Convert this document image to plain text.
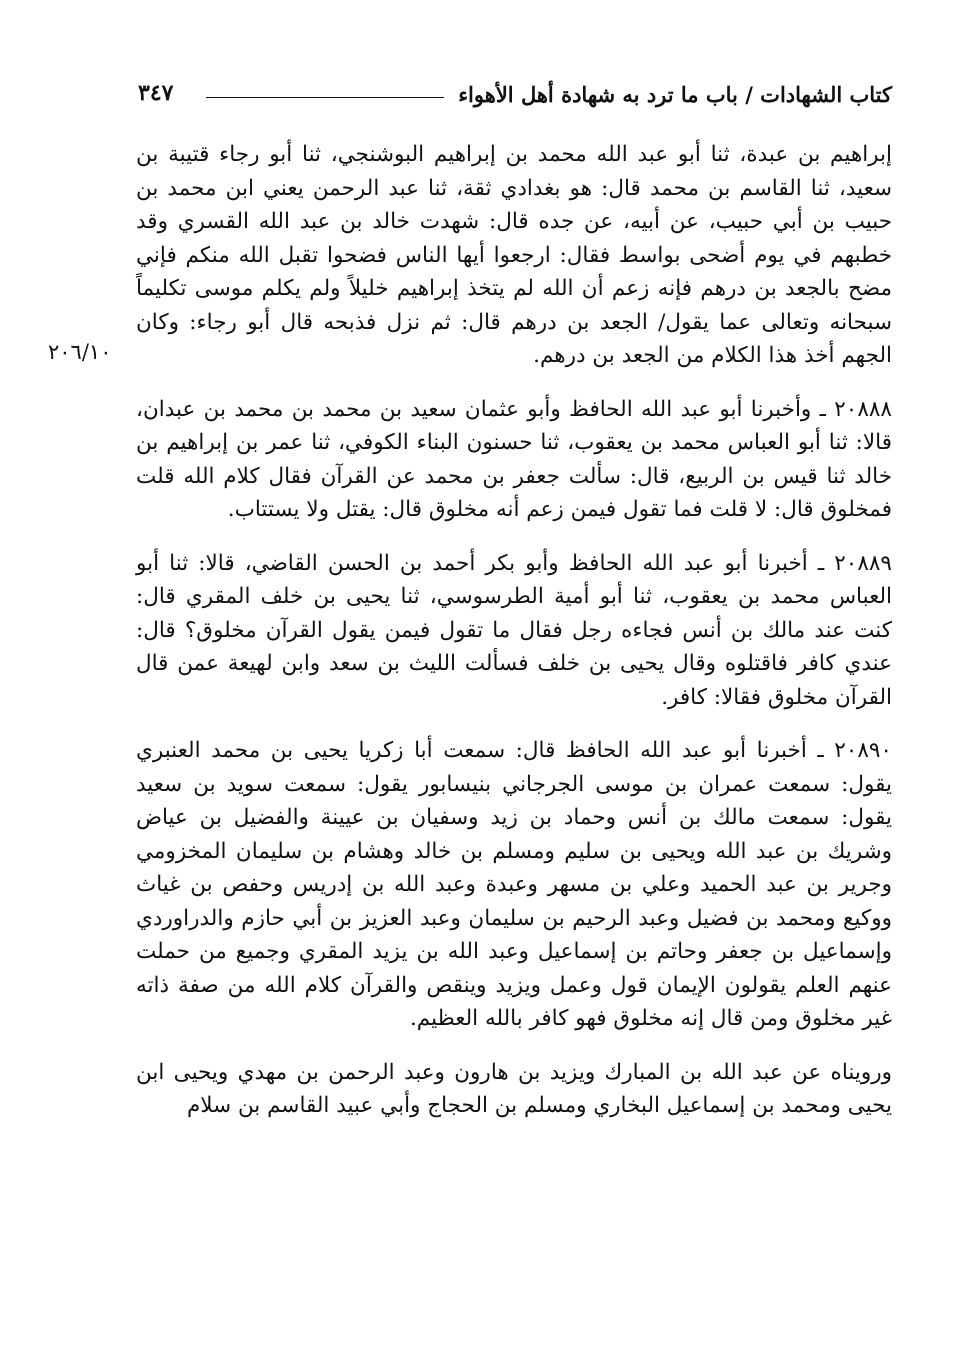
كتاب الشهادات / باب ما ترد به شهادة أهل الأهواء
٣٤٧
٢٠٦/١٠

إبراهيم بن عبدة، ثنا أبو عبد الله محمد بن إبراهيم البوشنجي، ثنا أبو رجاء قتيبة بن سعيد، ثنا القاسم بن محمد قال: هو بغدادي ثقة، ثنا عبد الرحمن يعني ابن محمد بن حبيب بن أبي حبيب، عن أبيه، عن جده قال: شهدت خالد بن عبد الله القسري وقد خطبهم في يوم أضحى بواسط فقال: ارجعوا أيها الناس فضحوا تقبل الله منكم فإني مضح بالجعد بن درهم فإنه زعم أن الله لم يتخذ إبراهيم خليلاً ولم يكلم موسى تكليماً سبحانه وتعالى عما يقول/ الجعد بن درهم قال: ثم نزل فذبحه قال أبو رجاء: وكان الجهم أخذ هذا الكلام من الجعد بن درهم.

٢٠٨٨٨ ـ وأخبرنا أبو عبد الله الحافظ وأبو عثمان سعيد بن محمد بن محمد بن عبدان، قالا: ثنا أبو العباس محمد بن يعقوب، ثنا حسنون البناء الكوفي، ثنا عمر بن إبراهيم بن خالد ثنا قيس بن الربيع، قال: سألت جعفر بن محمد عن القرآن فقال كلام الله قلت فمخلوق قال: لا قلت فما تقول فيمن زعم أنه مخلوق قال: يقتل ولا يستتاب.

٢٠٨٨٩ ـ أخبرنا أبو عبد الله الحافظ وأبو بكر أحمد بن الحسن القاضي، قالا: ثنا أبو العباس محمد بن يعقوب، ثنا أبو أمية الطرسوسي، ثنا يحيى بن خلف المقري قال: كنت عند مالك بن أنس فجاءه رجل فقال ما تقول فيمن يقول القرآن مخلوق؟ قال: عندي كافر فاقتلوه وقال يحيى بن خلف فسألت الليث بن سعد وابن لهيعة عمن قال القرآن مخلوق فقالا: كافر.

٢٠٨٩٠ ـ أخبرنا أبو عبد الله الحافظ قال: سمعت أبا زكريا يحيى بن محمد العنبري يقول: سمعت عمران بن موسى الجرجاني بنيسابور يقول: سمعت سويد بن سعيد يقول: سمعت مالك بن أنس وحماد بن زيد وسفيان بن عيينة والفضيل بن عياض وشريك بن عبد الله ويحيى بن سليم ومسلم بن خالد وهشام بن سليمان المخزومي وجرير بن عبد الحميد وعلي بن مسهر وعبدة وعبد الله بن إدريس وحفص بن غياث ووكيع ومحمد بن فضيل وعبد الرحيم بن سليمان وعبد العزيز بن أبي حازم والدراوردي وإسماعيل بن جعفر وحاتم بن إسماعيل وعبد الله بن يزيد المقري وجميع من حملت عنهم العلم يقولون الإيمان قول وعمل ويزيد وينقص والقرآن كلام الله من صفة ذاته غير مخلوق ومن قال إنه مخلوق فهو كافر بالله العظيم.

ورويناه عن عبد الله بن المبارك ويزيد بن هارون وعبد الرحمن بن مهدي ويحيى ابن يحيى ومحمد بن إسماعيل البخاري ومسلم بن الحجاج وأبي عبيد القاسم بن سلام
